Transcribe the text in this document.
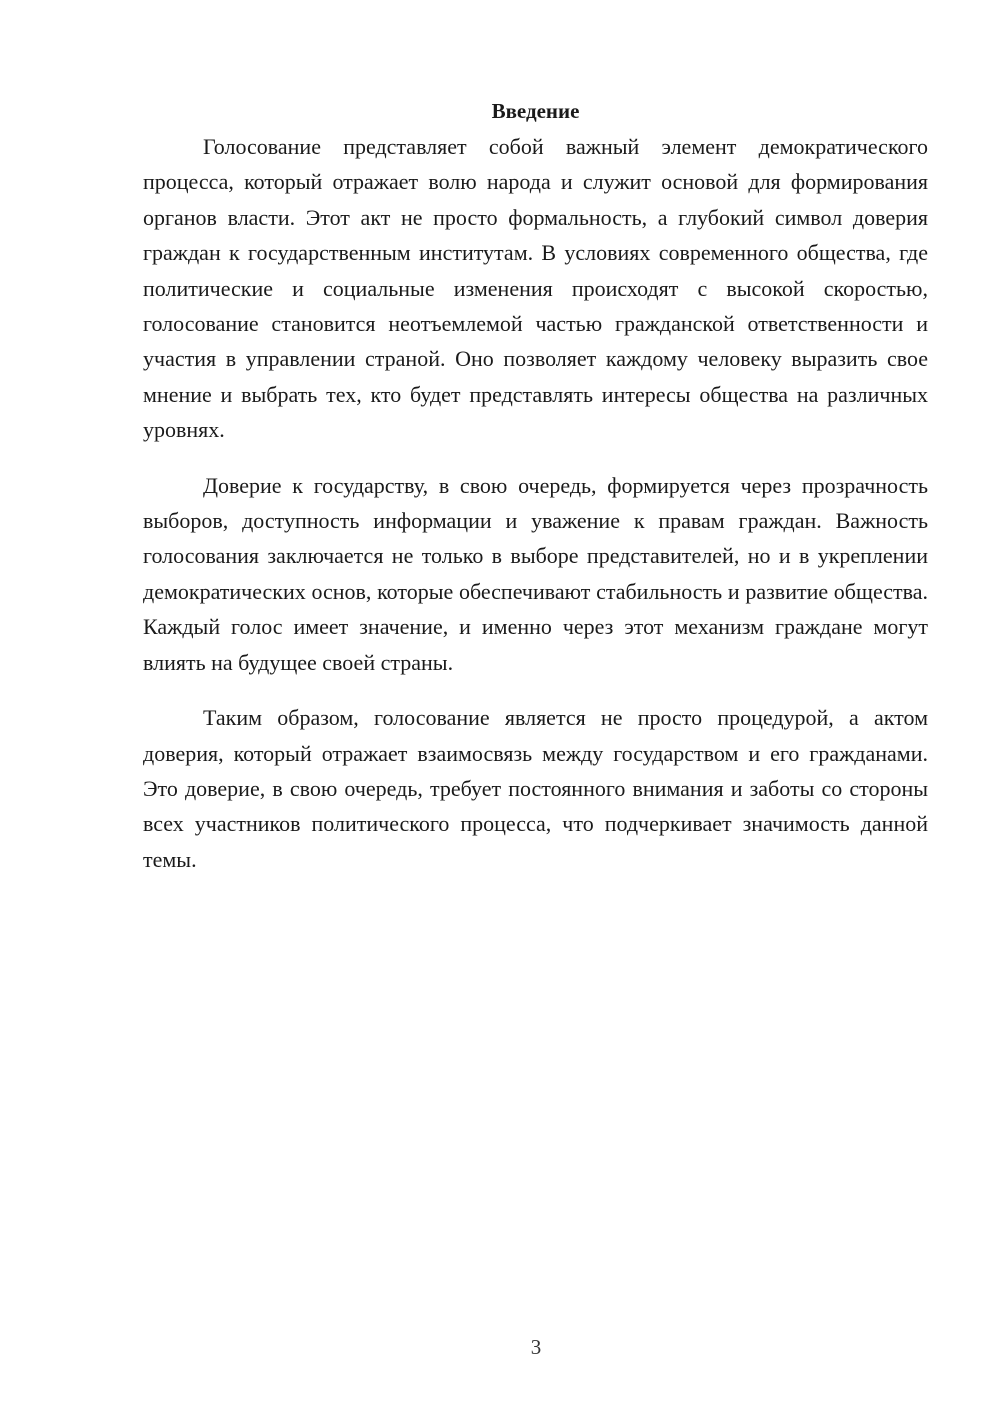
Введение

Голосование представляет собой важный элемент демократического процесса, который отражает волю народа и служит основой для формирования органов власти. Этот акт не просто формальность, а глубокий символ доверия граждан к государственным институтам. В условиях современного общества, где политические и социальные изменения происходят с высокой скоростью, голосование становится неотъемлемой частью гражданской ответственности и участия в управлении страной. Оно позволяет каждому человеку выразить свое мнение и выбрать тех, кто будет представлять интересы общества на различных уровнях.

Доверие к государству, в свою очередь, формируется через прозрачность выборов, доступность информации и уважение к правам граждан. Важность голосования заключается не только в выборе представителей, но и в укреплении демократических основ, которые обеспечивают стабильность и развитие общества. Каждый голос имеет значение, и именно через этот механизм граждане могут влиять на будущее своей страны.

Таким образом, голосование является не просто процедурой, а актом доверия, который отражает взаимосвязь между государством и его гражданами. Это доверие, в свою очередь, требует постоянного внимания и заботы со стороны всех участников политического процесса, что подчеркивает значимость данной темы.

3
